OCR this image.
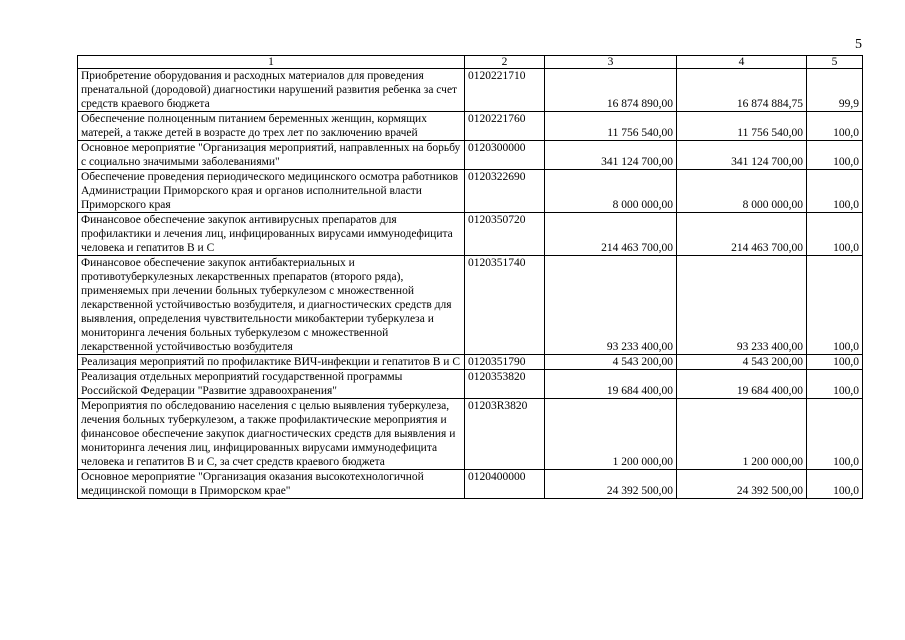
5
1	2	3	4	5
Приобретение оборудования и расходных материалов для проведения пренатальной (дородовой) диагностики нарушений развития ребенка за счет средств краевого бюджета	0120221710	16 874 890,00	16 874 884,75	99,9
Обеспечение полноценным питанием беременных женщин, кормящих матерей, а также детей в возрасте до трех лет по заключению врачей	0120221760	11 756 540,00	11 756 540,00	100,0
Основное мероприятие "Организация мероприятий, направленных на борьбу с социально значимыми заболеваниями"	0120300000	341 124 700,00	341 124 700,00	100,0
Обеспечение проведения периодического медицинского осмотра работников Администрации Приморского края и органов исполнительной власти Приморского края	0120322690	8 000 000,00	8 000 000,00	100,0
Финансовое обеспечение закупок антивирусных препаратов для профилактики и лечения лиц, инфицированных вирусами иммунодефицита человека и гепатитов В и С	0120350720	214 463 700,00	214 463 700,00	100,0
Финансовое обеспечение закупок антибактериальных и противотуберкулезных лекарственных препаратов (второго ряда), применяемых при лечении больных туберкулезом с множественной лекарственной устойчивостью возбудителя, и диагностических средств для выявления, определения чувствительности микобактерии туберкулеза и мониторинга лечения больных туберкулезом с множественной лекарственной устойчивостью возбудителя	0120351740	93 233 400,00	93 233 400,00	100,0
Реализация мероприятий по профилактике ВИЧ-инфекции и гепатитов В и С	0120351790	4 543 200,00	4 543 200,00	100,0
Реализация отдельных мероприятий государственной программы Российской Федерации "Развитие здравоохранения"	0120353820	19 684 400,00	19 684 400,00	100,0
Мероприятия по обследованию населения с целью выявления туберкулеза, лечения больных туберкулезом, а также профилактические мероприятия и финансовое обеспечение закупок диагностических средств для выявления и мониторинга лечения лиц, инфицированных вирусами иммунодефицита человека и гепатитов В и С, за счет средств краевого бюджета	01203R3820	1 200 000,00	1 200 000,00	100,0
Основное мероприятие "Организация оказания высокотехнологичной медицинской помощи в Приморском крае"	0120400000	24 392 500,00	24 392 500,00	100,0
